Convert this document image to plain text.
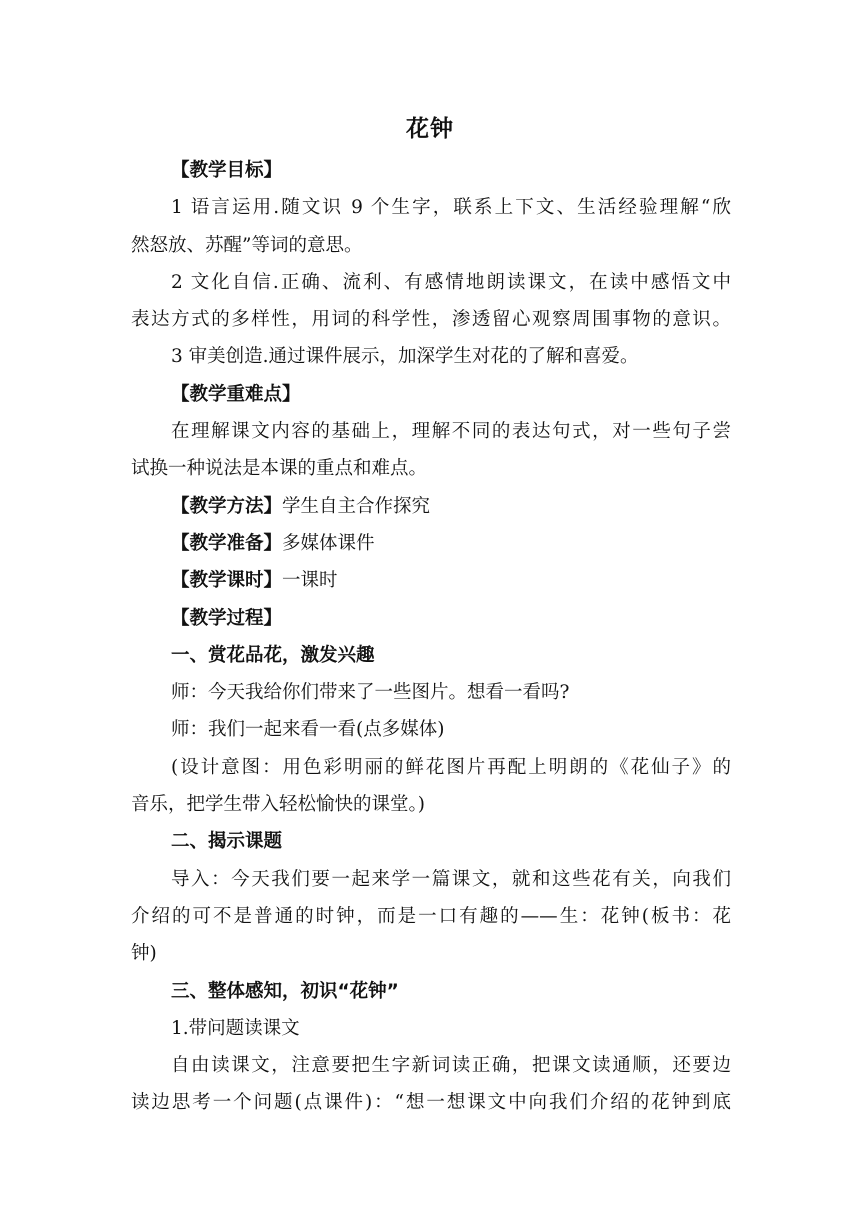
花钟
【教学目标】
1 语言运用.随文识 9 个生字，联系上下文、生活经验理解“欣
然怒放、苏醒”等词的意思。
2 文化自信.正确、流利、有感情地朗读课文，在读中感悟文中
表达方式的多样性，用词的科学性，渗透留心观察周围事物的意识。
3 审美创造.通过课件展示，加深学生对花的了解和喜爱。
【教学重难点】
在理解课文内容的基础上，理解不同的表达句式，对一些句子尝
试换一种说法是本课的重点和难点。
【教学方法】学生自主合作探究
【教学准备】多媒体课件
【教学课时】一课时
【教学过程】
一、赏花品花，激发兴趣
师：今天我给你们带来了一些图片。想看一看吗?
师：我们一起来看一看(点多媒体)
(设计意图：用色彩明丽的鲜花图片再配上明朗的《花仙子》的
音乐，把学生带入轻松愉快的课堂。)
二、揭示课题
导入：今天我们要一起来学一篇课文，就和这些花有关，向我们
介绍的可不是普通的时钟，而是一口有趣的——生：花钟(板书：花
钟)
三、整体感知，初识“花钟”
1.带问题读课文
自由读课文，注意要把生字新词读正确，把课文读通顺，还要边
读边思考一个问题(点课件)：“想一想课文中向我们介绍的花钟到底
